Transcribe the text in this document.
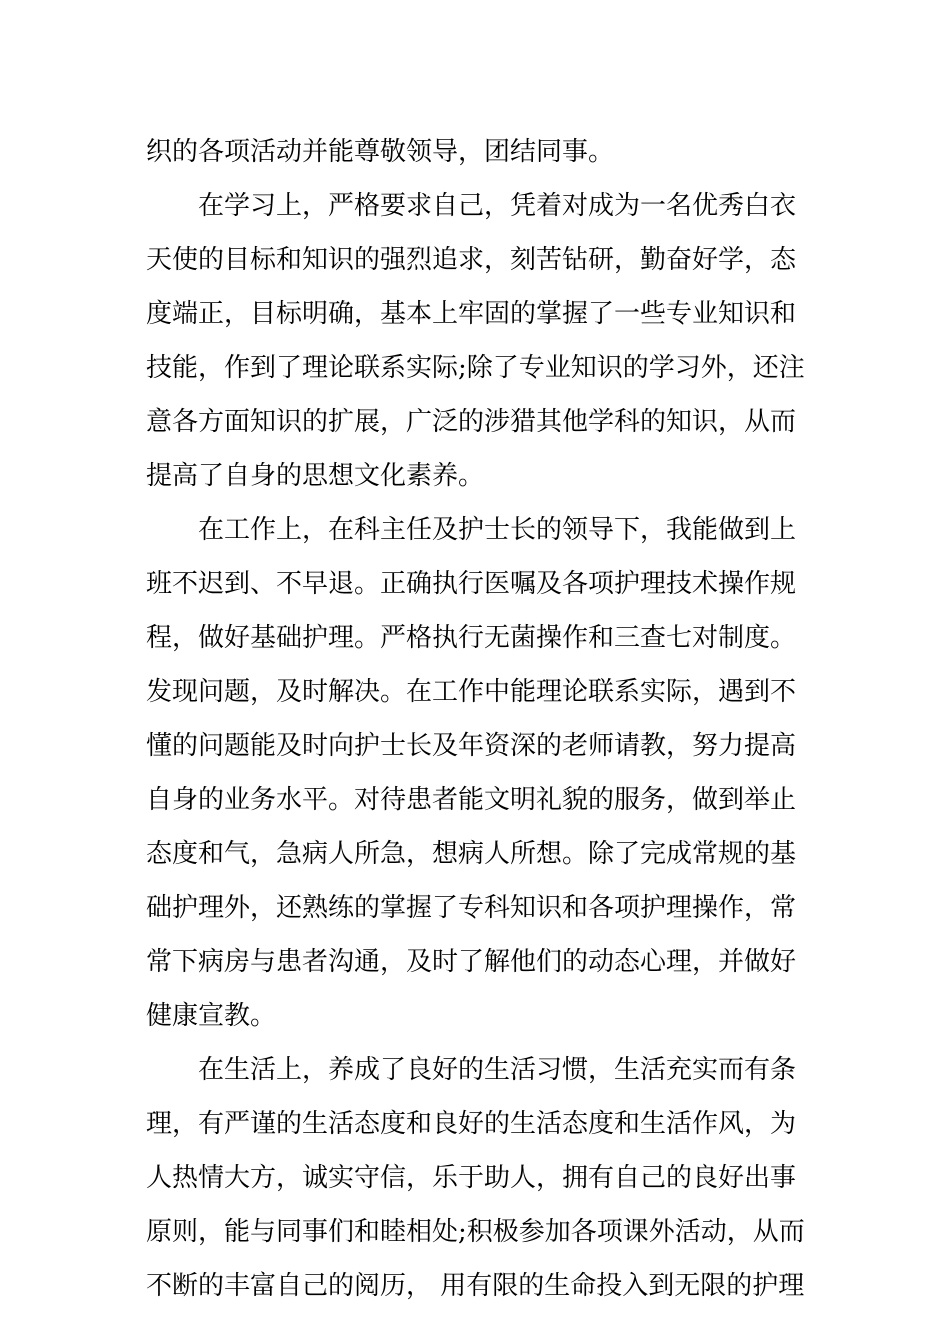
织的各项活动并能尊敬领导，团结同事。
在学习上，严格要求自己，凭着对成为一名优秀白衣
天使的目标和知识的强烈追求，刻苦钻研，勤奋好学，态
度端正，目标明确，基本上牢固的掌握了一些专业知识和
技能，作到了理论联系实际;除了专业知识的学习外，还注
意各方面知识的扩展，广泛的涉猎其他学科的知识，从而
提高了自身的思想文化素养。
在工作上，在科主任及护士长的领导下，我能做到上
班不迟到、不早退。正确执行医嘱及各项护理技术操作规
程，做好基础护理。严格执行无菌操作和三查七对制度。
发现问题，及时解决。在工作中能理论联系实际，遇到不
懂的问题能及时向护士长及年资深的老师请教，努力提高
自身的业务水平。对待患者能文明礼貌的服务，做到举止
态度和气，急病人所急，想病人所想。除了完成常规的基
础护理外，还熟练的掌握了专科知识和各项护理操作，常
常下病房与患者沟通，及时了解他们的动态心理，并做好
健康宣教。
在生活上，养成了良好的生活习惯，生活充实而有条
理，有严谨的生活态度和良好的生活态度和生活作风，为
人热情大方，诚实守信，乐于助人，拥有自己的良好出事
原则，能与同事们和睦相处;积极参加各项课外活动，从而
不断的丰富自己的阅历， 用有限的生命投入到无限的护理
